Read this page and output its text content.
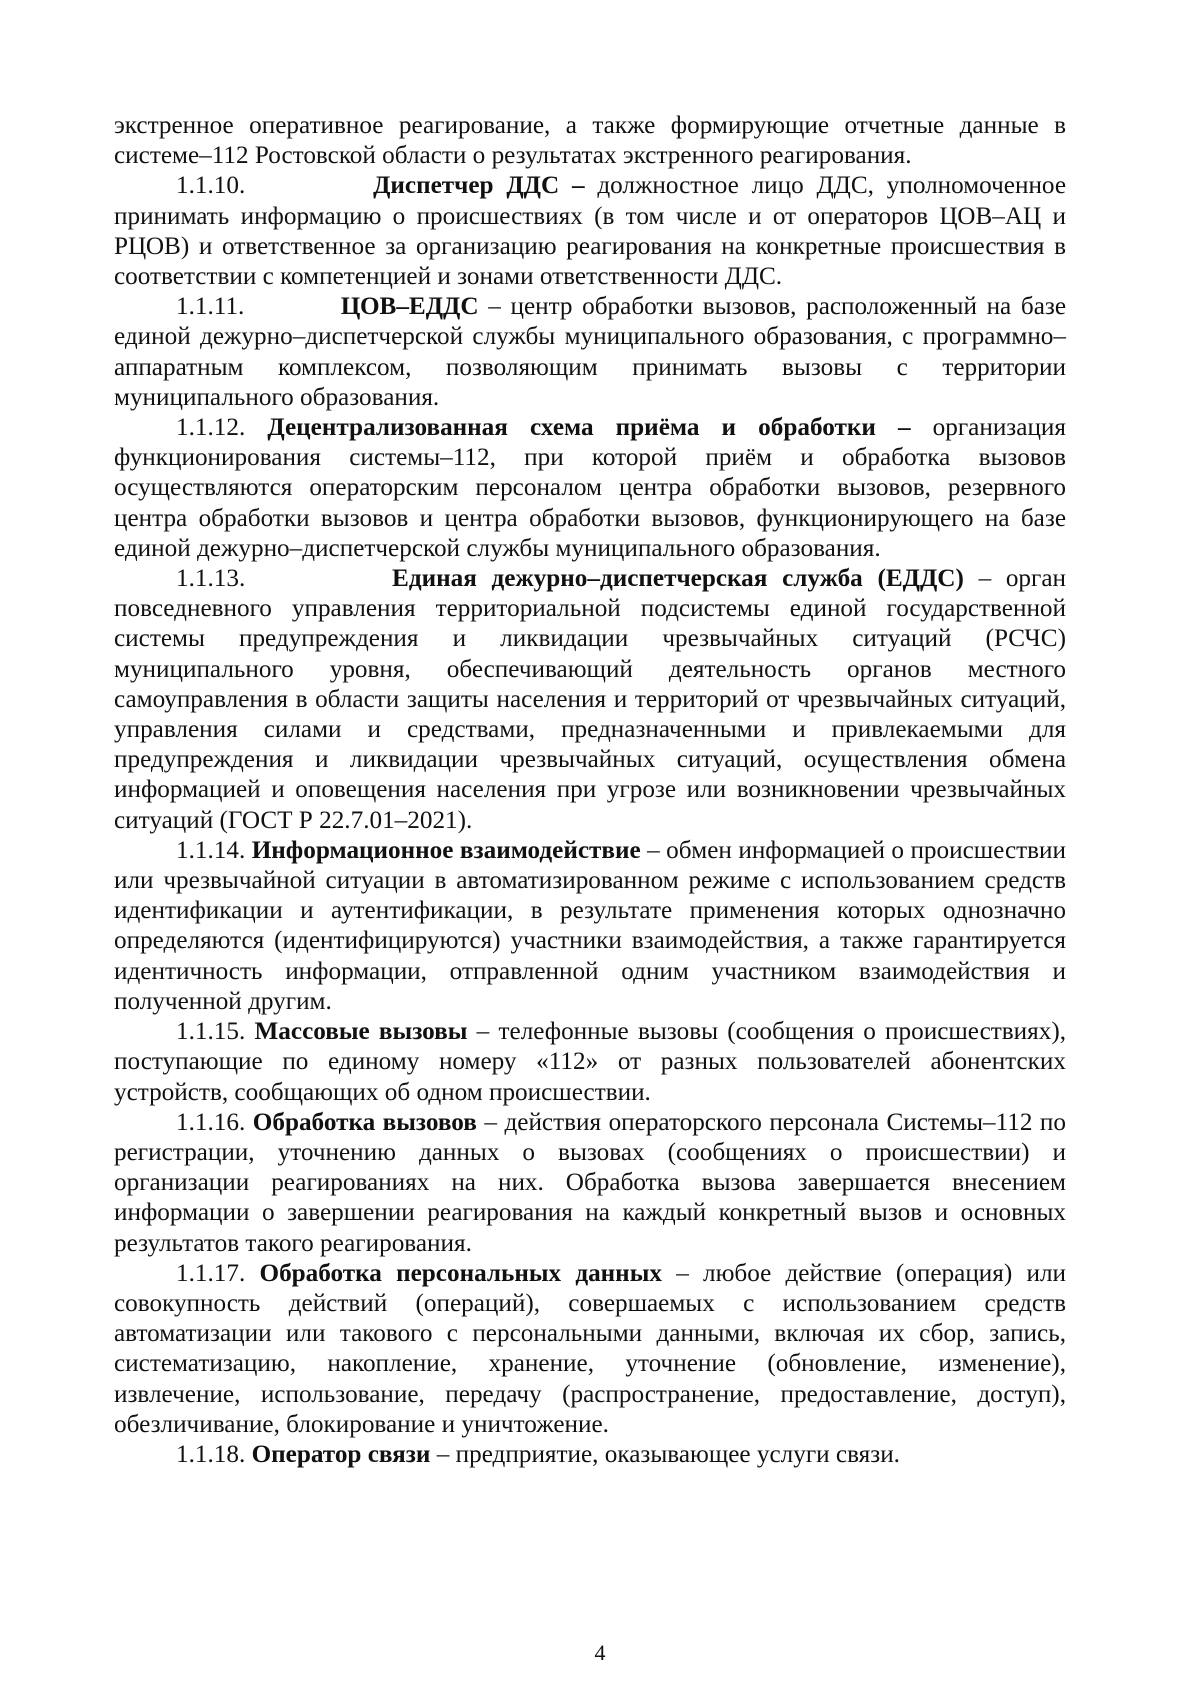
экстренное оперативное реагирование, а также формирующие отчетные данные в системе–112 Ростовской области о результатах экстренного реагирования.

1.1.10.	Диспетчер ДДС – должностное лицо ДДС, уполномоченное принимать информацию о происшествиях (в том числе и от операторов ЦОВ–АЦ и РЦОВ) и ответственное за организацию реагирования на конкретные происшествия в соответствии с компетенцией и зонами ответственности ДДС.

1.1.11.	ЦОВ–ЕДДС – центр обработки вызовов, расположенный на базе единой дежурно–диспетчерской службы муниципального образования, с программно–аппаратным комплексом, позволяющим принимать вызовы с территории муниципального образования.

1.1.12. Децентрализованная схема приёма и обработки – организация функционирования системы–112, при которой приём и обработка вызовов осуществляются операторским персоналом центра обработки вызовов, резервного центра обработки вызовов и центра обработки вызовов, функционирующего на базе единой дежурно–диспетчерской службы муниципального образования.

1.1.13.	Единая дежурно–диспетчерская служба (ЕДДС) – орган повседневного управления территориальной подсистемы единой государственной системы предупреждения и ликвидации чрезвычайных ситуаций (РСЧС) муниципального уровня, обеспечивающий деятельность органов местного самоуправления в области защиты населения и территорий от чрезвычайных ситуаций, управления силами и средствами, предназначенными и привлекаемыми для предупреждения и ликвидации чрезвычайных ситуаций, осуществления обмена информацией и оповещения населения при угрозе или возникновении чрезвычайных ситуаций (ГОСТ Р 22.7.01–2021).

1.1.14. Информационное взаимодействие – обмен информацией о происшествии или чрезвычайной ситуации в автоматизированном режиме с использованием средств идентификации и аутентификации, в результате применения которых однозначно определяются (идентифицируются) участники взаимодействия, а также гарантируется идентичность информации, отправленной одним участником взаимодействия и полученной другим.

1.1.15. Массовые вызовы – телефонные вызовы (сообщения о происшествиях), поступающие по единому номеру «112» от разных пользователей абонентских устройств, сообщающих об одном происшествии.

1.1.16. Обработка вызовов – действия операторского персонала Системы–112 по регистрации, уточнению данных о вызовах (сообщениях о происшествии) и организации реагированиях на них. Обработка вызова завершается внесением информации о завершении реагирования на каждый конкретный вызов и основных результатов такого реагирования.

1.1.17. Обработка персональных данных – любое действие (операция) или совокупность действий (операций), совершаемых с использованием средств автоматизации или такового с персональными данными, включая их сбор, запись, систематизацию, накопление, хранение, уточнение (обновление, изменение), извлечение, использование, передачу (распространение, предоставление, доступ), обезличивание, блокирование и уничтожение.

1.1.18. Оператор связи – предприятие, оказывающее услуги связи.

4
